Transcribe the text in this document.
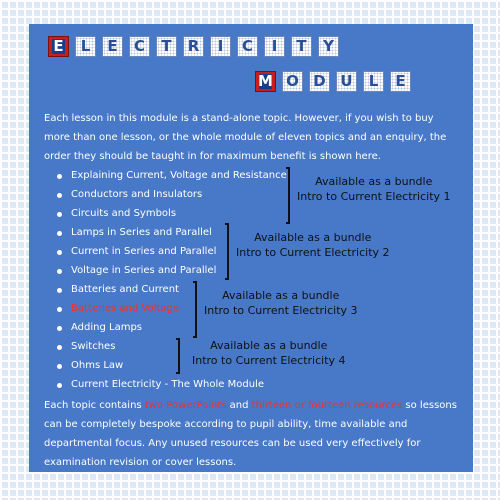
E	L	E	C	T	R	I	C	I	T	Y
M O D U	L	E

Each lesson in this module is a stand-alone topic. However, if you wish to buy more than one lesson, or the whole module of eleven topics and an enquiry, the order they should be taught in for maximum benefit is shown here.

Explaining Current, Voltage and Resistance
Conductors and Insulators
Circuits and Symbols
Lamps in Series and Parallel
Current in Series and Parallel
Voltage in Series and Parallel
Batteries and Current
Batteries and Voltage
Adding Lamps
Switches
Ohms Law
Current Electricity - The Whole Module
Available as a bundle
Intro to Current Electricity 1
Available as a bundle
Intro to Current Electricity 2
Available as a bundle
Intro to Current Electricity 3
Available as a bundle
Intro to Current Electricity 4

Each topic contains two PowerPoints and thirteen or fourteen resources so lessons can be completely bespoke according to pupil ability, time available and departmental focus. Any unused resources can be used very effectively for examination revision or cover lessons.
